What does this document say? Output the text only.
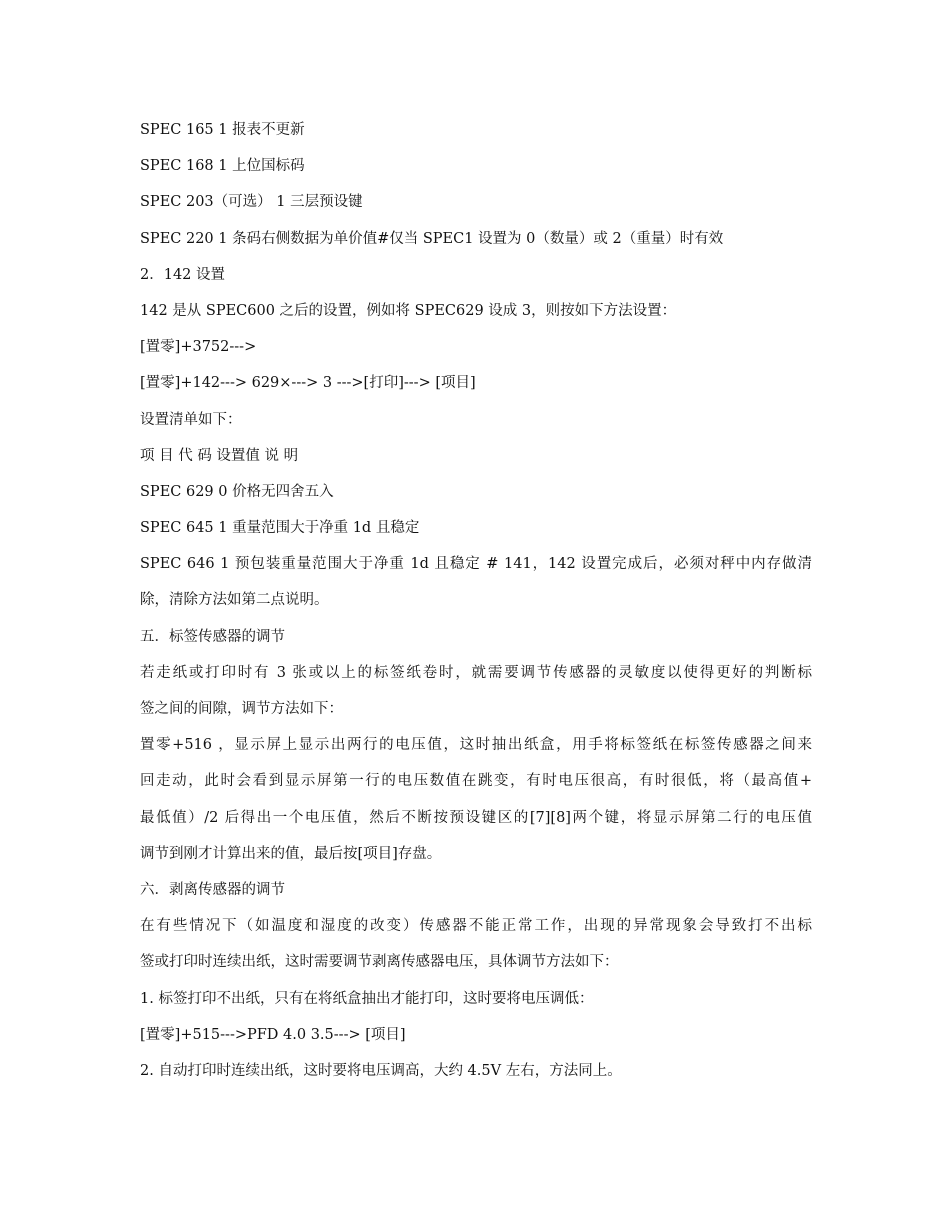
SPEC 165 1 报表不更新
SPEC 168 1 上位国标码
SPEC 203（可选） 1 三层预设键
SPEC 220 1 条码右侧数据为单价值#仅当 SPEC1 设置为 0（数量）或 2（重量）时有效
2．142 设置
142 是从 SPEC600 之后的设置，例如将 SPEC629 设成 3，则按如下方法设置：
[置零]+3752--->
[置零]+142---> 629×---> 3 --->[打印]---> [项目]
设置清单如下：
项 目 代 码 设置值 说 明
SPEC 629 0 价格无四舍五入
SPEC 645 1 重量范围大于净重 1d 且稳定
SPEC 646 1 预包装重量范围大于净重 1d 且稳定 # 141，142 设置完成后，必须对秤中内存做清
除，清除方法如第二点说明。
五．标签传感器的调节
若走纸或打印时有 3 张或以上的标签纸卷时，就需要调节传感器的灵敏度以使得更好的判断标
签之间的间隙，调节方法如下：
置零+516 ，显示屏上显示出两行的电压值，这时抽出纸盒，用手将标签纸在标签传感器之间来
回走动，此时会看到显示屏第一行的电压数值在跳变，有时电压很高，有时很低，将（最高值+
最低值）/2 后得出一个电压值，然后不断按预设键区的[7][8]两个键，将显示屏第二行的电压值
调节到刚才计算出来的值，最后按[项目]存盘。
六．剥离传感器的调节
在有些情况下（如温度和湿度的改变）传感器不能正常工作，出现的异常现象会导致打不出标
签或打印时连续出纸，这时需要调节剥离传感器电压，具体调节方法如下：
1. 标签打印不出纸，只有在将纸盒抽出才能打印，这时要将电压调低：
[置零]+515--->PFD 4.0 3.5---> [项目]
2. 自动打印时连续出纸，这时要将电压调高，大约 4.5V 左右，方法同上。
